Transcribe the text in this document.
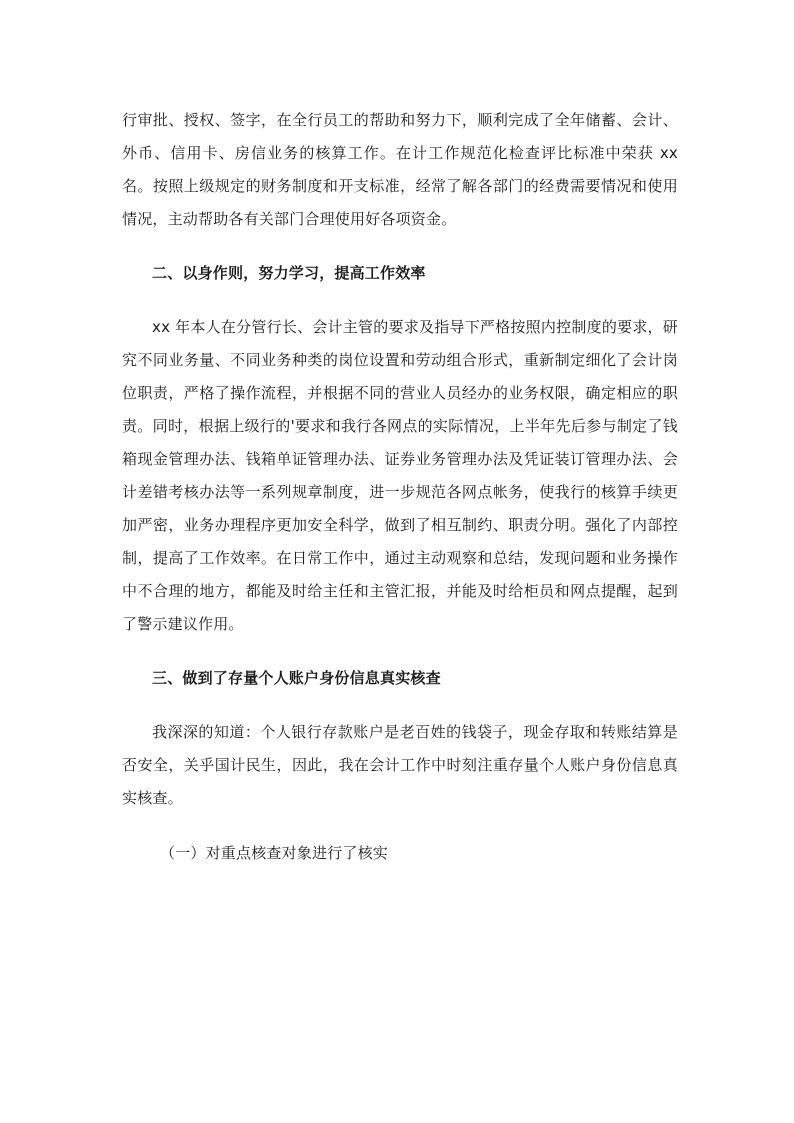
行审批、授权、签字，在全行员工的帮助和努力下，顺利完成了全年储蓄、会计、外币、信用卡、房信业务的核算工作。在计工作规范化检查评比标准中荣获 xx 名。按照上级规定的财务制度和开支标准，经常了解各部门的经费需要情况和使用情况，主动帮助各有关部门合理使用好各项资金。

二、以身作则，努力学习，提高工作效率

xx 年本人在分管行长、会计主管的要求及指导下严格按照内控制度的要求，研究不同业务量、不同业务种类的岗位设置和劳动组合形式，重新制定细化了会计岗位职责，严格了操作流程，并根据不同的营业人员经办的业务权限，确定相应的职责。同时，根据上级行的'要求和我行各网点的实际情况，上半年先后参与制定了钱箱现金管理办法、钱箱单证管理办法、证券业务管理办法及凭证装订管理办法、会计差错考核办法等一系列规章制度，进一步规范各网点帐务，使我行的核算手续更加严密，业务办理程序更加安全科学，做到了相互制约、职责分明。强化了内部控制，提高了工作效率。在日常工作中，通过主动观察和总结，发现问题和业务操作中不合理的地方，都能及时给主任和主管汇报，并能及时给柜员和网点提醒，起到了警示建议作用。

三、做到了存量个人账户身份信息真实核查

我深深的知道：个人银行存款账户是老百姓的钱袋子，现金存取和转账结算是否安全，关乎国计民生，因此，我在会计工作中时刻注重存量个人账户身份信息真实核查。

（一）对重点核查对象进行了核实
